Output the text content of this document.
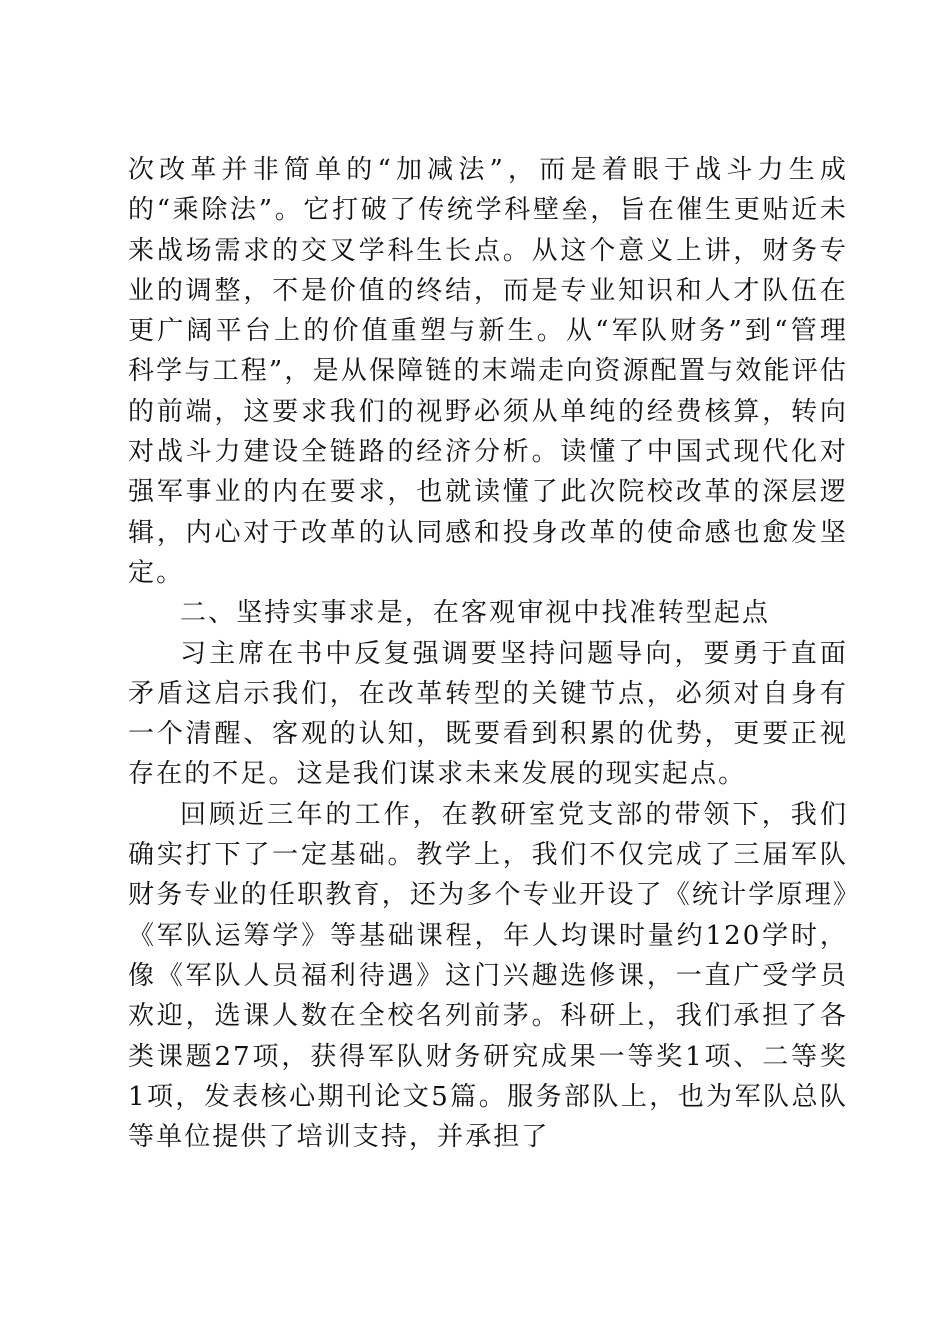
次改革并非简单的“加减法”，而是着眼于战斗力生成的“乘除法”。它打破了传统学科壁垒，旨在催生更贴近未来战场需求的交叉学科生长点。从这个意义上讲，财务专业的调整，不是价值的终结，而是专业知识和人才队伍在更广阔平台上的价值重塑与新生。从“军队财务”到“管理科学与工程”，是从保障链的末端走向资源配置与效能评估的前端，这要求我们的视野必须从单纯的经费核算，转向对战斗力建设全链路的经济分析。读懂了中国式现代化对强军事业的内在要求，也就读懂了此次院校改革的深层逻辑，内心对于改革的认同感和投身改革的使命感也愈发坚定。

二、坚持实事求是，在客观审视中找准转型起点

习主席在书中反复强调要坚持问题导向，要勇于直面矛盾这启示我们，在改革转型的关键节点，必须对自身有一个清醒、客观的认知，既要看到积累的优势，更要正视存在的不足。这是我们谋求未来发展的现实起点。

回顾近三年的工作，在教研室党支部的带领下，我们确实打下了一定基础。教学上，我们不仅完成了三届军队财务专业的任职教育，还为多个专业开设了《统计学原理》《军队运筹学》等基础课程，年人均课时量约120学时，像《军队人员福利待遇》这门兴趣选修课，一直广受学员欢迎，选课人数在全校名列前茅。科研上，我们承担了各类课题27项，获得军队财务研究成果一等奖1项、二等奖1项，发表核心期刊论文5篇。服务部队上，也为军队总队等单位提供了培训支持，并承担了
